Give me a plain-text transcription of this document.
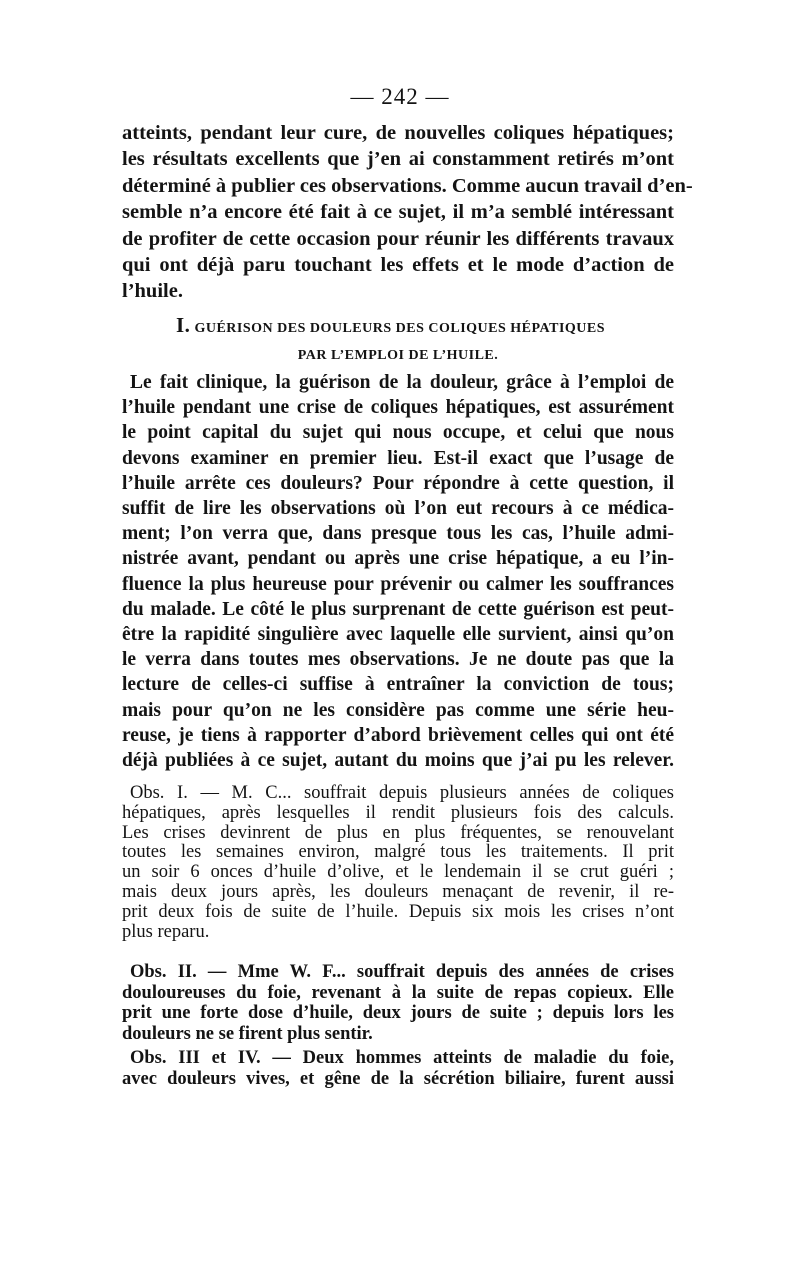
— 242 —
atteints, pendant leur cure, de nouvelles coliques hépatiques;
les résultats excellents que j’en ai constamment retirés m’ont
déterminé à publier ces observations. Comme aucun travail d’en-
semble n’a encore été fait à ce sujet, il m’a semblé intéressant
de profiter de cette occasion pour réunir les différents travaux
qui ont déjà paru touchant les effets et le mode d’action de
l’huile.
I. GUÉRISON DES DOULEURS DES COLIQUES HÉPATIQUES
PAR L’EMPLOI DE L’HUILE.
Le fait clinique, la guérison de la douleur, grâce à l’emploi de
l’huile pendant une crise de coliques hépatiques, est assurément
le point capital du sujet qui nous occupe, et celui que nous
devons examiner en premier lieu. Est-il exact que l’usage de
l’huile arrête ces douleurs? Pour répondre à cette question, il
suffit de lire les observations où l’on eut recours à ce médica-
ment; l’on verra que, dans presque tous les cas, l’huile admi-
nistrée avant, pendant ou après une crise hépatique, a eu l’in-
fluence la plus heureuse pour prévenir ou calmer les souffrances
du malade. Le côté le plus surprenant de cette guérison est peut-
être la rapidité singulière avec laquelle elle survient, ainsi qu’on
le verra dans toutes mes observations. Je ne doute pas que la
lecture de celles-ci suffise à entraîner la conviction de tous;
mais pour qu’on ne les considère pas comme une série heu-
reuse, je tiens à rapporter d’abord brièvement celles qui ont été
déjà publiées à ce sujet, autant du moins que j’ai pu les relever.
Obs. I. — M. C... souffrait depuis plusieurs années de coliques
hépatiques, après lesquelles il rendit plusieurs fois des calculs.
Les crises devinrent de plus en plus fréquentes, se renouvelant
toutes les semaines environ, malgré tous les traitements. Il prit
un soir 6 onces d’huile d’olive, et le lendemain il se crut guéri ;
mais deux jours après, les douleurs menaçant de revenir, il re-
prit deux fois de suite de l’huile. Depuis six mois les crises n’ont
plus reparu.
Obs. II. — Mme W. F... souffrait depuis des années de crises
douloureuses du foie, revenant à la suite de repas copieux. Elle
prit une forte dose d’huile, deux jours de suite ; depuis lors les
douleurs ne se firent plus sentir.
Obs. III et IV. — Deux hommes atteints de maladie du foie,
avec douleurs vives, et gêne de la sécrétion biliaire, furent aussi
